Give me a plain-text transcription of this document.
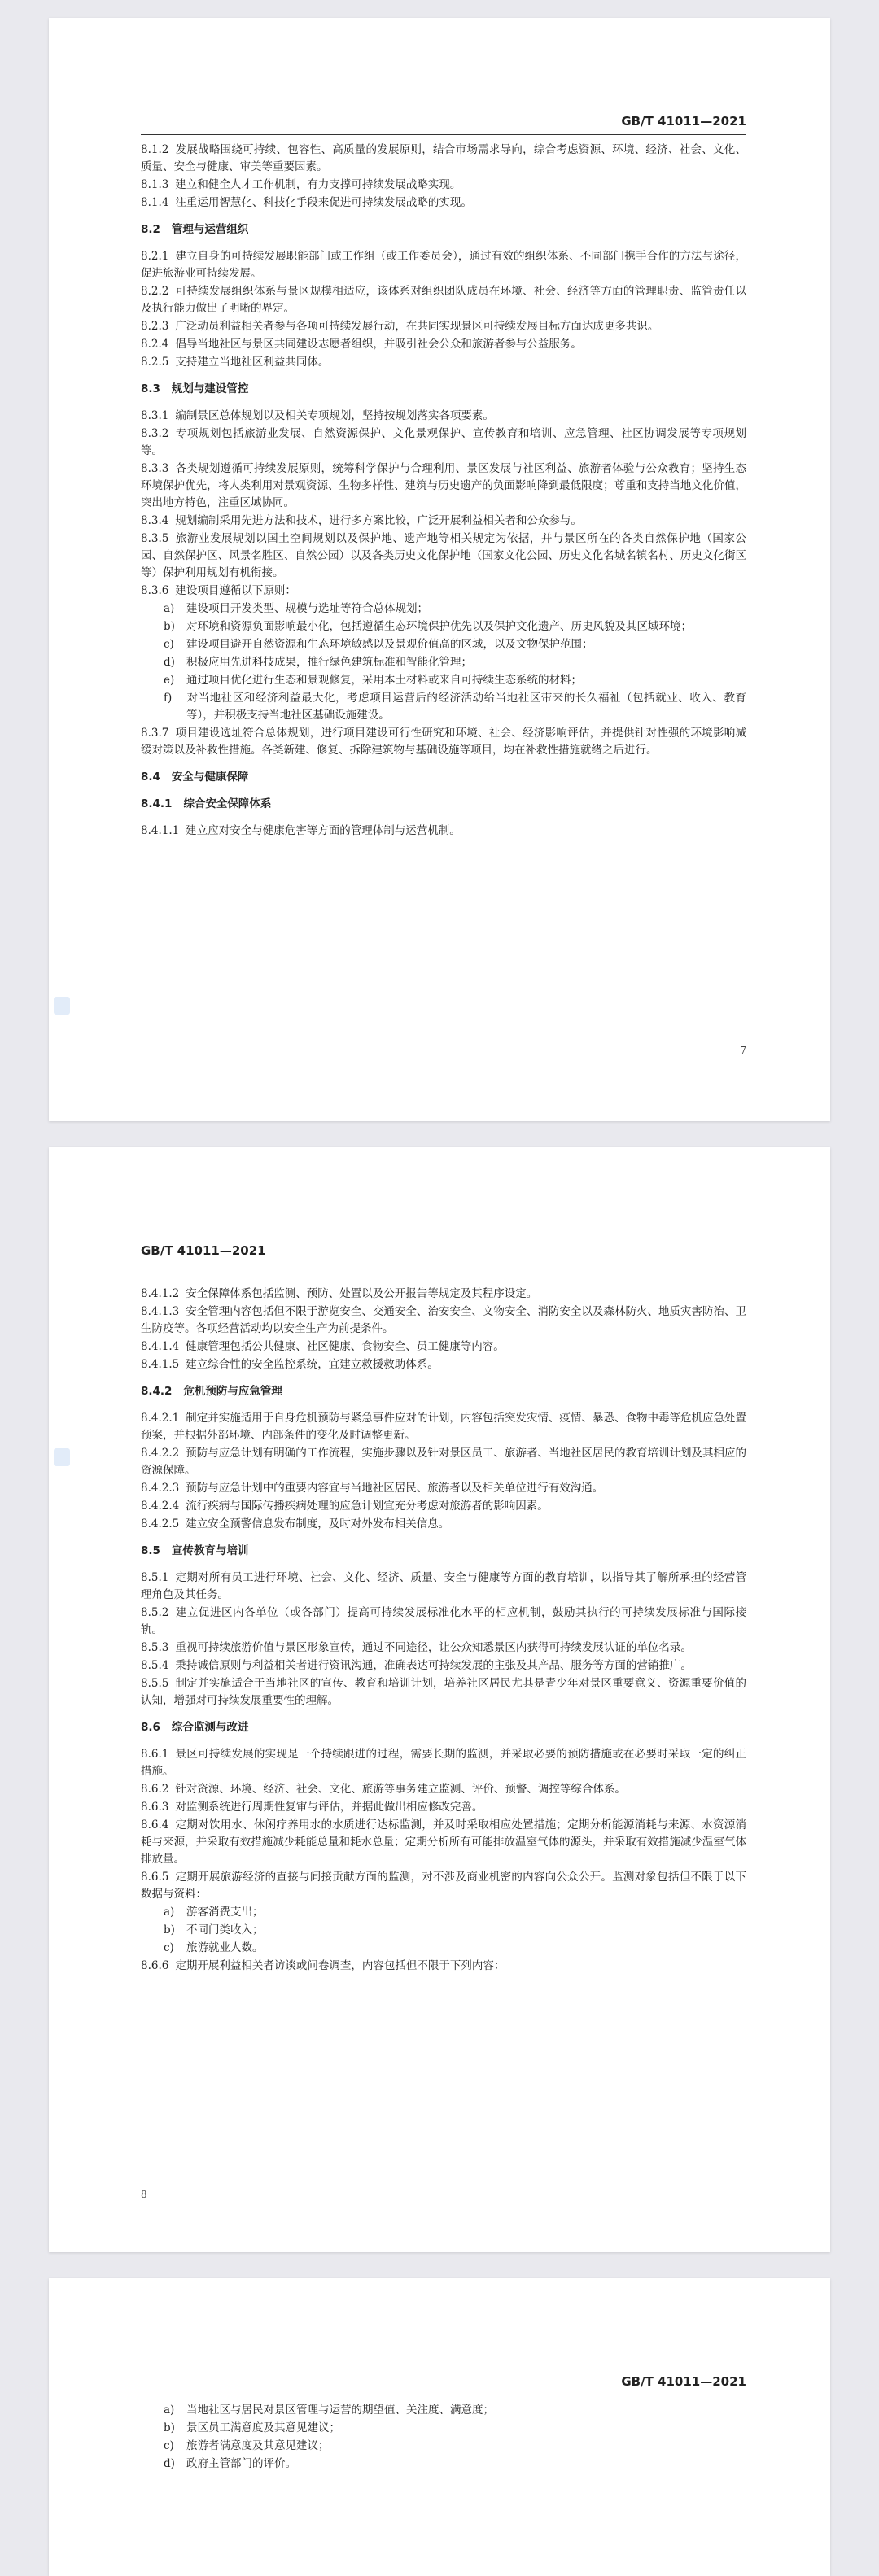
GB/T 41011—2021
8.1.2 发展战略围绕可持续、包容性、高质量的发展原则，结合市场需求导向，综合考虑资源、环境、经济、社会、文化、质量、安全与健康、审美等重要因素。
8.1.3 建立和健全人才工作机制，有力支撑可持续发展战略实现。
8.1.4 注重运用智慧化、科技化手段来促进可持续发展战略的实现。
8.2 管理与运营组织
8.2.1 建立自身的可持续发展职能部门或工作组（或工作委员会），通过有效的组织体系、不同部门携手合作的方法与途径，促进旅游业可持续发展。
8.2.2 可持续发展组织体系与景区规模相适应，该体系对组织团队成员在环境、社会、经济等方面的管理职责、监管责任以及执行能力做出了明晰的界定。
8.2.3 广泛动员利益相关者参与各项可持续发展行动，在共同实现景区可持续发展目标方面达成更多共识。
8.2.4 倡导当地社区与景区共同建设志愿者组织，并吸引社会公众和旅游者参与公益服务。
8.2.5 支持建立当地社区利益共同体。
8.3 规划与建设管控
8.3.1 编制景区总体规划以及相关专项规划，坚持按规划落实各项要素。
8.3.2 专项规划包括旅游业发展、自然资源保护、文化景观保护、宣传教育和培训、应急管理、社区协调发展等专项规划等。
8.3.3 各类规划遵循可持续发展原则，统筹科学保护与合理利用、景区发展与社区利益、旅游者体验与公众教育；坚持生态环境保护优先，将人类利用对景观资源、生物多样性、建筑与历史遗产的负面影响降到最低限度；尊重和支持当地文化价值，突出地方特色，注重区域协同。
8.3.4 规划编制采用先进方法和技术，进行多方案比较，广泛开展利益相关者和公众参与。
8.3.5 旅游业发展规划以国土空间规划以及保护地、遗产地等相关规定为依据，并与景区所在的各类自然保护地（国家公园、自然保护区、风景名胜区、自然公园）以及各类历史文化保护地（国家文化公园、历史文化名城名镇名村、历史文化街区等）保护利用规划有机衔接。
8.3.6 建设项目遵循以下原则：
a) 建设项目开发类型、规模与选址等符合总体规划；
b) 对环境和资源负面影响最小化，包括遵循生态环境保护优先以及保护文化遗产、历史风貌及其区域环境；
c) 建设项目避开自然资源和生态环境敏感以及景观价值高的区域，以及文物保护范围；
d) 积极应用先进科技成果，推行绿色建筑标准和智能化管理；
e) 通过项目优化进行生态和景观修复，采用本土材料或来自可持续生态系统的材料；
f) 对当地社区和经济利益最大化，考虑项目运营后的经济活动给当地社区带来的长久福祉（包括就业、收入、教育等），并积极支持当地社区基础设施建设。
8.3.7 项目建设选址符合总体规划，进行项目建设可行性研究和环境、社会、经济影响评估，并提供针对性强的环境影响减缓对策以及补救性措施。各类新建、修复、拆除建筑物与基础设施等项目，均在补救性措施就绪之后进行。
8.4 安全与健康保障
8.4.1 综合安全保障体系
8.4.1.1 建立应对安全与健康危害等方面的管理体制与运营机制。
7
GB/T 41011—2021
8.4.1.2 安全保障体系包括监测、预防、处置以及公开报告等规定及其程序设定。
8.4.1.3 安全管理内容包括但不限于游览安全、交通安全、治安安全、文物安全、消防安全以及森林防火、地质灾害防治、卫生防疫等。各项经营活动均以安全生产为前提条件。
8.4.1.4 健康管理包括公共健康、社区健康、食物安全、员工健康等内容。
8.4.1.5 建立综合性的安全监控系统，宜建立救援救助体系。
8.4.2 危机预防与应急管理
8.4.2.1 制定并实施适用于自身危机预防与紧急事件应对的计划，内容包括突发灾情、疫情、暴恐、食物中毒等危机应急处置预案，并根据外部环境、内部条件的变化及时调整更新。
8.4.2.2 预防与应急计划有明确的工作流程，实施步骤以及针对景区员工、旅游者、当地社区居民的教育培训计划及其相应的资源保障。
8.4.2.3 预防与应急计划中的重要内容宜与当地社区居民、旅游者以及相关单位进行有效沟通。
8.4.2.4 流行疾病与国际传播疾病处理的应急计划宜充分考虑对旅游者的影响因素。
8.4.2.5 建立安全预警信息发布制度，及时对外发布相关信息。
8.5 宣传教育与培训
8.5.1 定期对所有员工进行环境、社会、文化、经济、质量、安全与健康等方面的教育培训，以指导其了解所承担的经营管理角色及其任务。
8.5.2 建立促进区内各单位（或各部门）提高可持续发展标准化水平的相应机制，鼓励其执行的可持续发展标准与国际接轨。
8.5.3 重视可持续旅游价值与景区形象宣传，通过不同途径，让公众知悉景区内获得可持续发展认证的单位名录。
8.5.4 秉持诚信原则与利益相关者进行资讯沟通，准确表达可持续发展的主张及其产品、服务等方面的营销推广。
8.5.5 制定并实施适合于当地社区的宣传、教育和培训计划，培养社区居民尤其是青少年对景区重要意义、资源重要价值的认知，增强对可持续发展重要性的理解。
8.6 综合监测与改进
8.6.1 景区可持续发展的实现是一个持续跟进的过程，需要长期的监测，并采取必要的预防措施或在必要时采取一定的纠正措施。
8.6.2 针对资源、环境、经济、社会、文化、旅游等事务建立监测、评价、预警、调控等综合体系。
8.6.3 对监测系统进行周期性复审与评估，并据此做出相应修改完善。
8.6.4 定期对饮用水、休闲疗养用水的水质进行达标监测，并及时采取相应处置措施；定期分析能源消耗与来源、水资源消耗与来源，并采取有效措施减少耗能总量和耗水总量；定期分析所有可能排放温室气体的源头，并采取有效措施减少温室气体排放量。
8.6.5 定期开展旅游经济的直接与间接贡献方面的监测，对不涉及商业机密的内容向公众公开。监测对象包括但不限于以下数据与资料：
a) 游客消费支出；
b) 不同门类收入；
c) 旅游就业人数。
8.6.6 定期开展利益相关者访谈或问卷调查，内容包括但不限于下列内容：
8
GB/T 41011—2021
a) 当地社区与居民对景区管理与运营的期望值、关注度、满意度；
b) 景区员工满意度及其意见建议；
c) 旅游者满意度及其意见建议；
d) 政府主管部门的评价。
